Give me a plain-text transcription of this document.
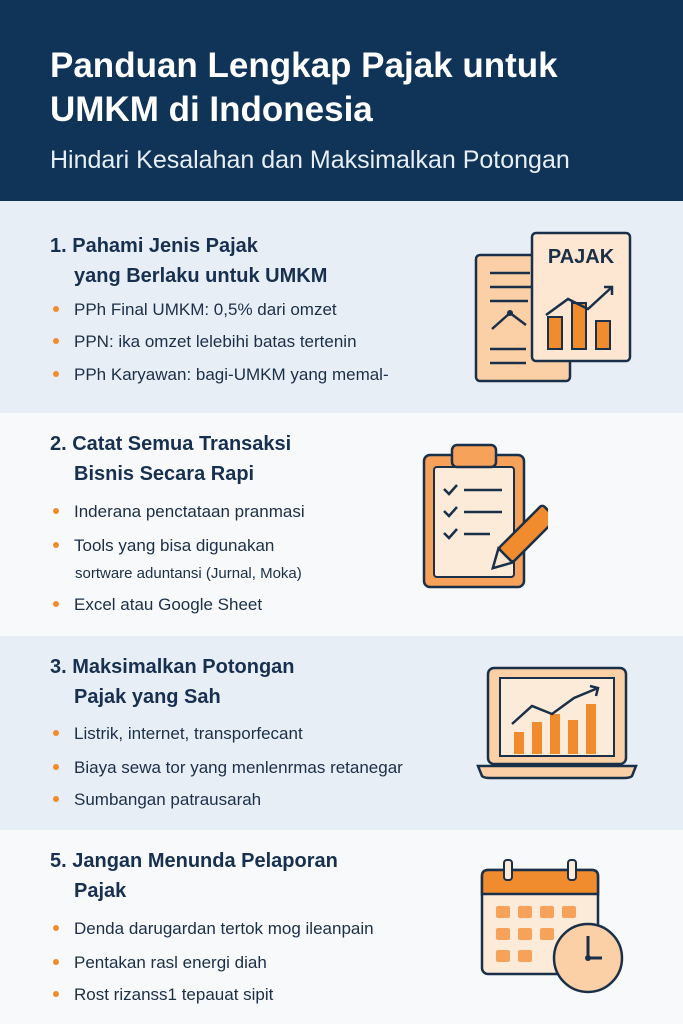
Panduan Lengkap Pajak untuk UMKM di Indonesia
Hindari Kesalahan dan Maksimalkan Potongan
1. Pahami Jenis Pajak
yang Berlaku untuk UMKM
PPh Final UMKM: 0,5% dari omzet
PPN: ika omzet lelebihi batas tertenin
PPh Karyawan: bagi-UMKM yang memal-
PAJAK
2. Catat Semua Transaksi
Bisnis Secara Rapi
Inderana penctataan pranmasi
Tools yang bisa digunakan
sortware aduntansi (Jurnal, Moka)
Excel atau Google Sheet
3. Maksimalkan Potongan
Pajak yang Sah
Listrik, internet, transporfecant
Biaya sewa tor yang menlenrmas retanegar
Sumbangan patrausarah
5. Jangan Menunda Pelaporan
Pajak
Denda darugardan tertok mog ileanpain
Pentakan rasl energi diah
Rost rizanss1 tepauat sipit
